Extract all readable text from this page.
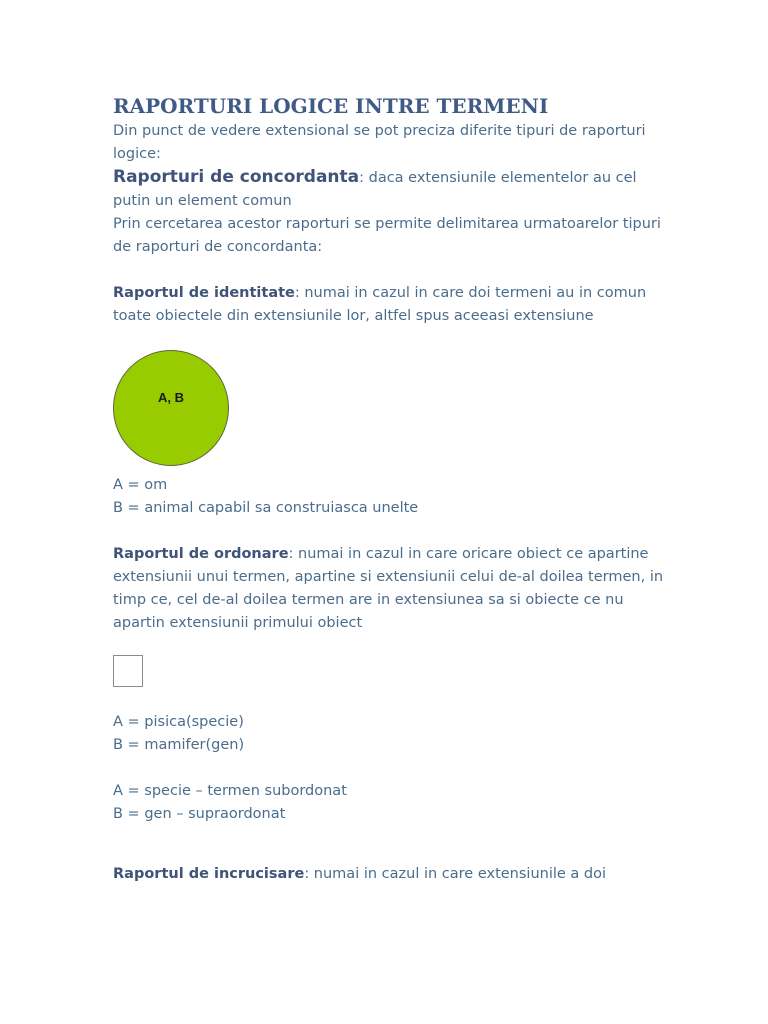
RAPORTURI LOGICE INTRE TERMENI

Din punct de vedere extensional se pot preciza diferite tipuri de raporturi logice:

Raporturi de concordanta: daca extensiunile elementelor au cel putin un element comun

Prin cercetarea acestor raporturi se permite delimitarea urmatoarelor tipuri de raporturi de concordanta:

Raportul de identitate: numai in cazul in care doi termeni au in comun toate obiectele din extensiunile lor, altfel spus aceeasi extensiune

A, B

A = om

B = animal capabil sa construiasca unelte

Raportul de ordonare: numai in cazul in care oricare obiect ce apartine extensiunii unui termen, apartine si extensiunii celui de-al doilea termen, in timp ce, cel de-al doilea termen are in extensiunea sa si obiecte ce nu apartin extensiunii primului obiect

A = pisica(specie)

B = mamifer(gen)

A = specie – termen subordonat

B = gen – supraordonat

Raportul de incrucisare: numai in cazul in care extensiunile a doi
